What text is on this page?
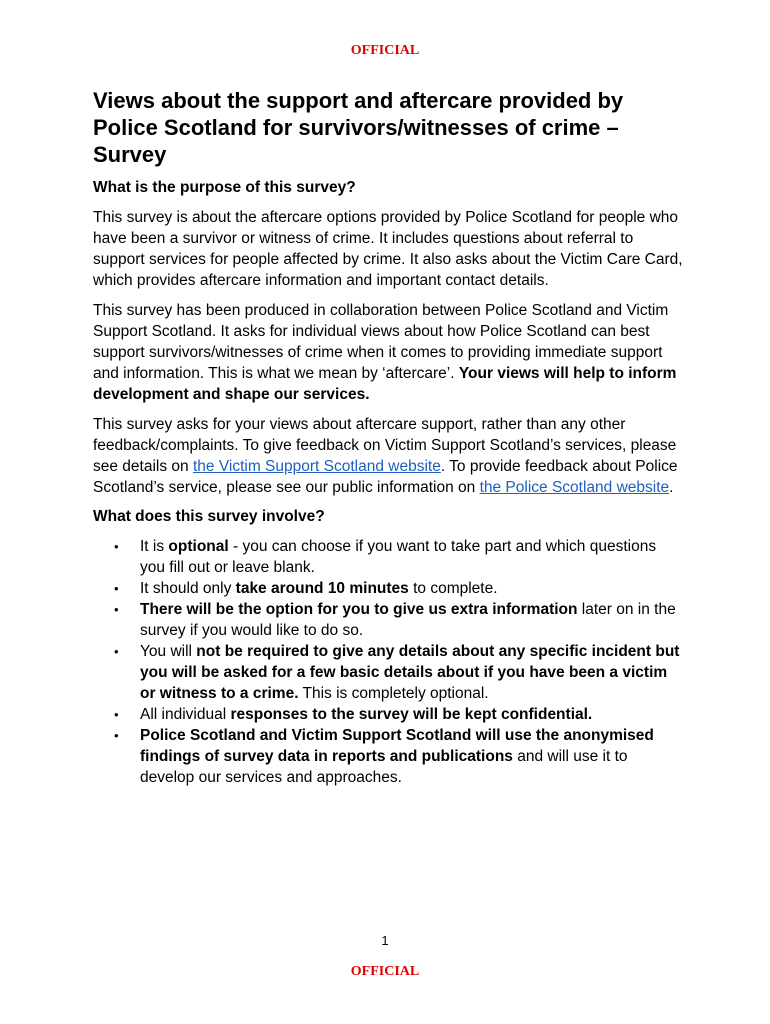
OFFICIAL
Views about the support and aftercare provided by Police Scotland for survivors/witnesses of crime – Survey
What is the purpose of this survey?

This survey is about the aftercare options provided by Police Scotland for people who have been a survivor or witness of crime. It includes questions about referral to support services for people affected by crime. It also asks about the Victim Care Card, which provides aftercare information and important contact details.

This survey has been produced in collaboration between Police Scotland and Victim Support Scotland. It asks for individual views about how Police Scotland can best support survivors/witnesses of crime when it comes to providing immediate support and information. This is what we mean by ‘aftercare’. Your views will help to inform development and shape our services.

This survey asks for your views about aftercare support, rather than any other feedback/complaints. To give feedback on Victim Support Scotland’s services, please see details on the Victim Support Scotland website. To provide feedback about Police Scotland’s service, please see our public information on the Police Scotland website.

What does this survey involve?
• It is optional - you can choose if you want to take part and which questions you fill out or leave blank.
• It should only take around 10 minutes to complete.
• There will be the option for you to give us extra information later on in the survey if you would like to do so.
• You will not be required to give any details about any specific incident but you will be asked for a few basic details about if you have been a victim or witness to a crime. This is completely optional.
• All individual responses to the survey will be kept confidential.
• Police Scotland and Victim Support Scotland will use the anonymised findings of survey data in reports and publications and will use it to develop our services and approaches.
1
OFFICIAL
